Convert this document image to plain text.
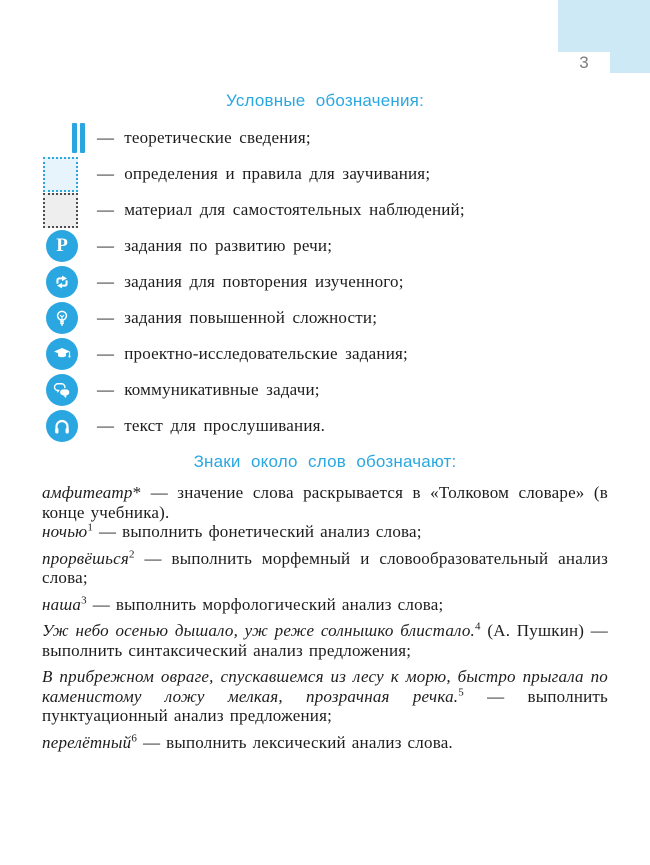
3
Условные обозначения:
— теоретические сведения;
— определения и правила для заучивания;
— материал для самостоятельных наблюдений;
Р — задания по развитию речи;
— задания для повторения изученного;
— задания повышенной сложности;
— проектно-исследовательские задания;
— коммуникативные задачи;
— текст для прослушивания.
Знаки около слов обозначают:

амфитеатр* — значение слова раскрывается в «Толковом словаре» (в конце учебника).

ночью$^1$ — выполнить фонетический анализ слова;

прорвёшься$^2$ — выполнить морфемный и словообразовательный анализ слова;

наша$^3$ — выполнить морфологический анализ слова;

Уж небо осенью дышало, уж реже солнышко блистало.$^4$ (А. Пушкин) — выполнить синтаксический анализ предложения;

В прибрежном овраге, спускавшемся из лесу к морю, быстро прыгала по каменистому ложу мелкая, прозрачная речка.$^5$ — выполнить пунктуационный анализ предложения;

перелётный$^6$ — выполнить лексический анализ слова.
